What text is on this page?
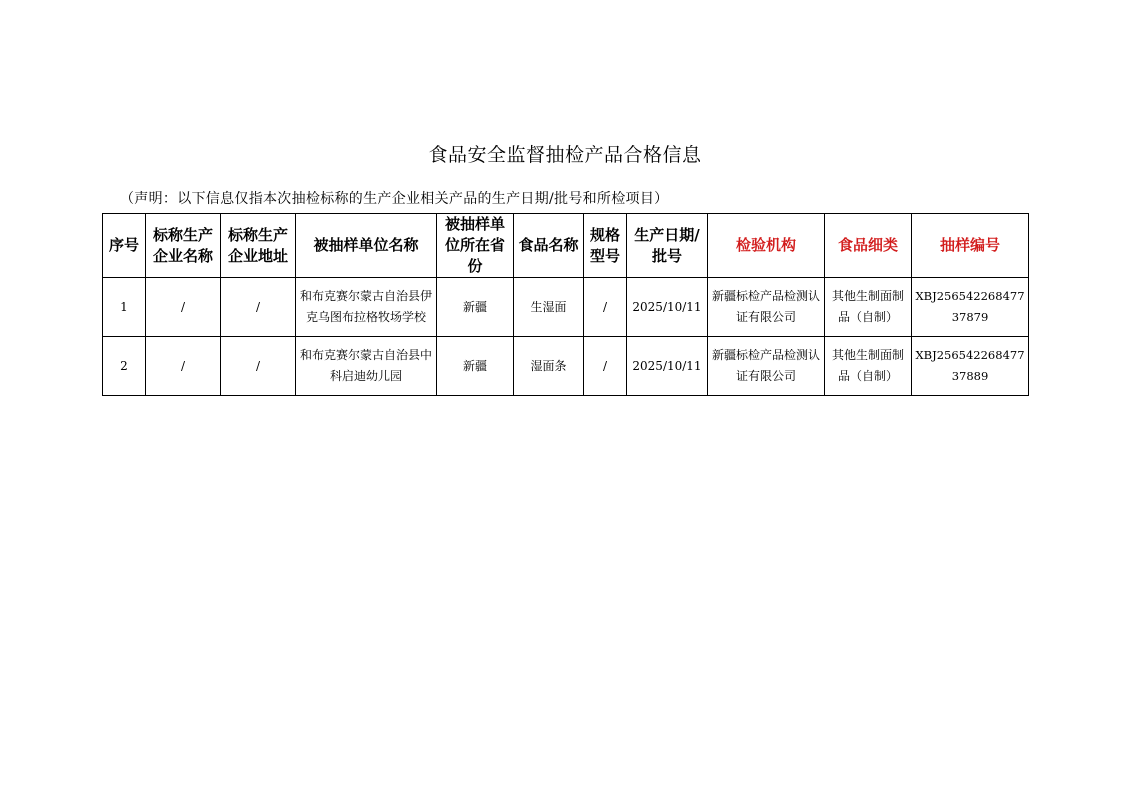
食品安全监督抽检产品合格信息
（声明：以下信息仅指本次抽检标称的生产企业相关产品的生产日期/批号和所检项目）
序号	标称生产企业名称	标称生产企业地址	被抽样单位名称	被抽样单位所在省份	食品名称	规格型号	生产日期/批号	检验机构	食品细类	抽样编号
1	/	/	和布克赛尔蒙古自治县伊克乌图布拉格牧场学校	新疆	生湿面	/	2025/10/11	新疆标检产品检测认证有限公司	其他生制面制品（自制）	XBJ25654226847737879
2	/	/	和布克赛尔蒙古自治县中科启迪幼儿园	新疆	湿面条	/	2025/10/11	新疆标检产品检测认证有限公司	其他生制面制品（自制）	XBJ25654226847737889
